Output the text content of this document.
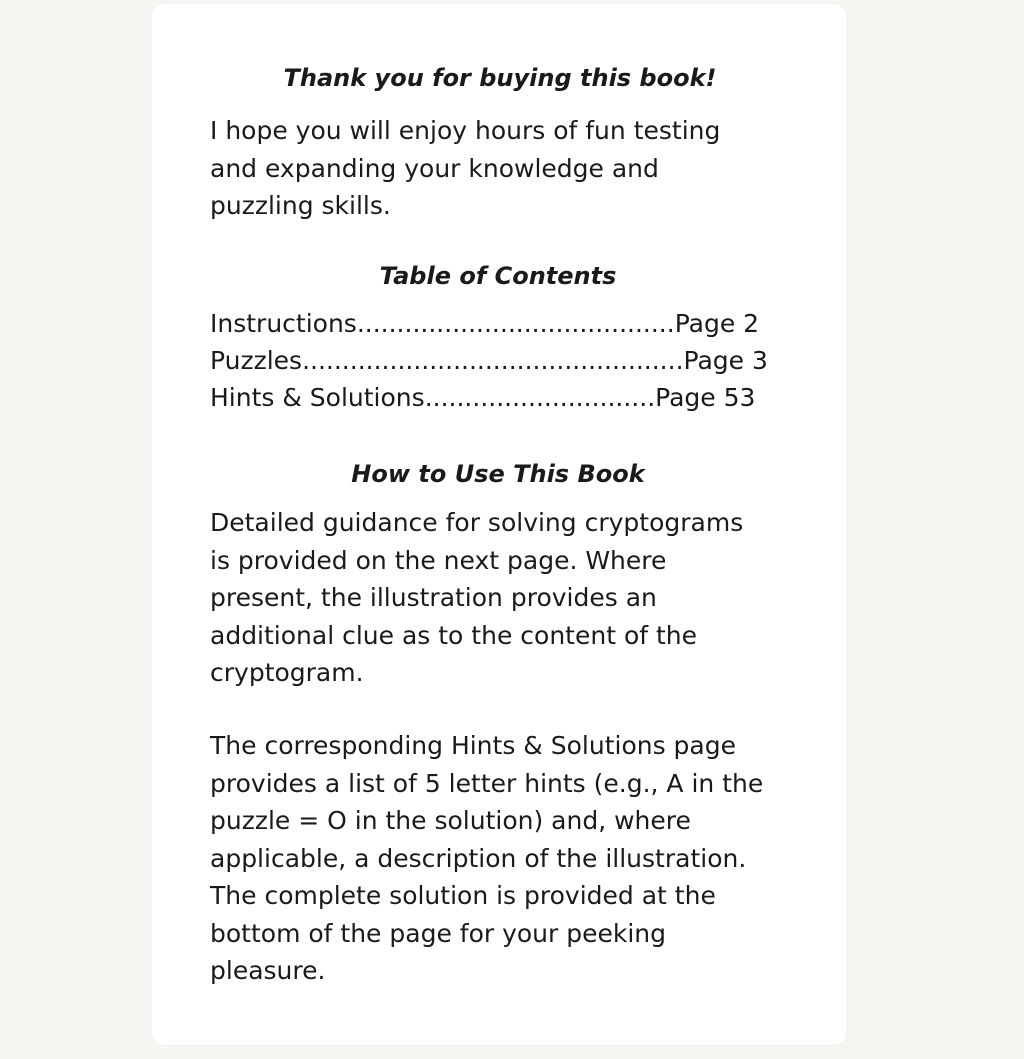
Thank you for buying this book!

I hope you will enjoy hours of fun testing
and expanding your knowledge and
puzzling skills.

Table of Contents
Instructions........................................Page 2
Puzzles................................................Page 3
Hints & Solutions.............................Page 53
How to Use This Book

Detailed guidance for solving cryptograms
is provided on the next page. Where
present, the illustration provides an
additional clue as to the content of the
cryptogram.

The corresponding Hints & Solutions page
provides a list of 5 letter hints (e.g., A in the
puzzle = O in the solution) and, where
applicable, a description of the illustration.
The complete solution is provided at the
bottom of the page for your peeking
pleasure.
